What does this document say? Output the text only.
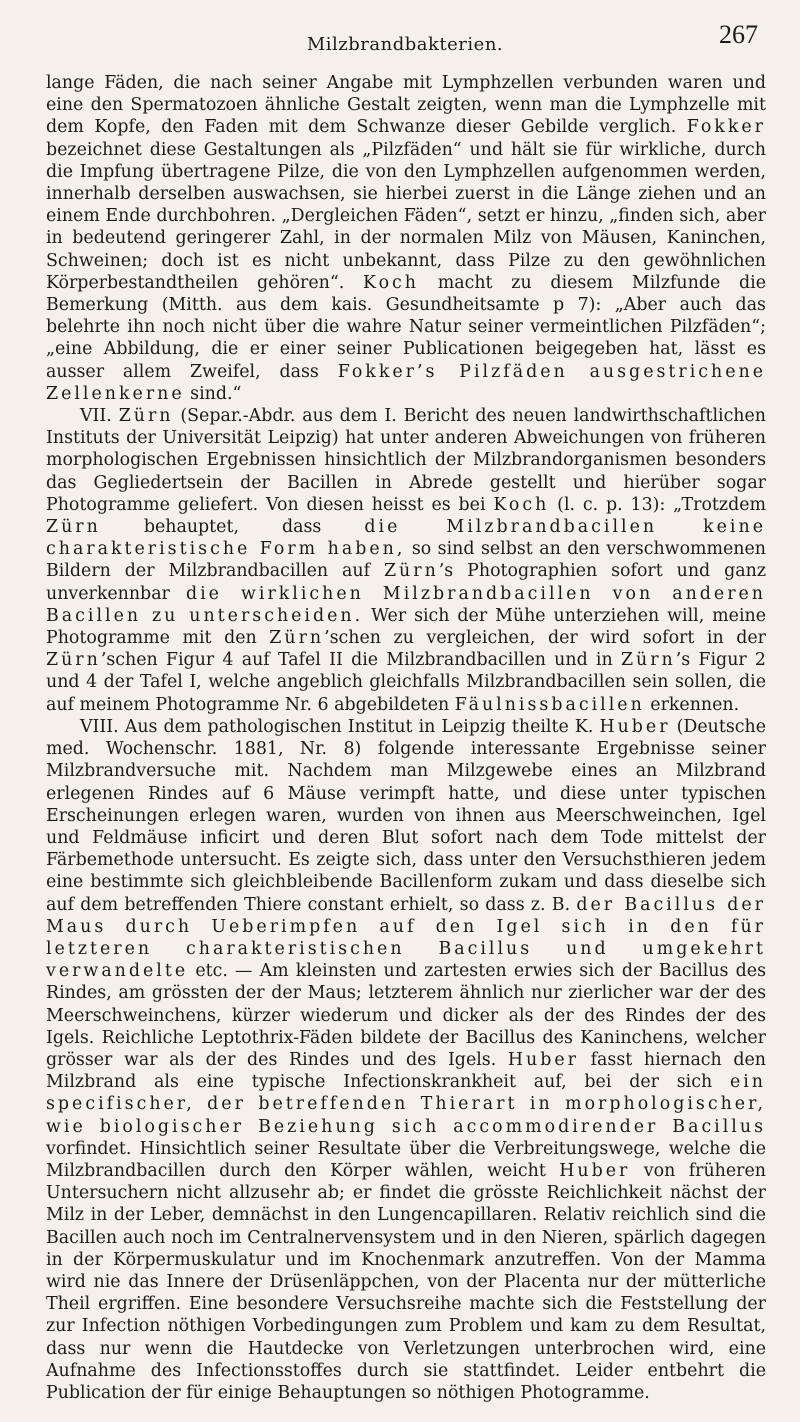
Milzbrandbakterien.	267

lange Fäden, die nach seiner Angabe mit Lymphzellen verbunden waren und eine den Spermatozoen ähnliche Gestalt zeigten, wenn man die Lymphzelle mit dem Kopfe, den Faden mit dem Schwanze dieser Gebilde verglich. Fokker bezeichnet diese Gestaltungen als „Pilzfäden“ und hält sie für wirkliche, durch die Impfung übertragene Pilze, die von den Lymphzellen aufgenommen werden, innerhalb derselben auswachsen, sie hierbei zuerst in die Länge ziehen und an einem Ende durchbohren. „Dergleichen Fäden“, setzt er hinzu, „finden sich, aber in bedeutend geringerer Zahl, in der normalen Milz von Mäusen, Kaninchen, Schweinen; doch ist es nicht unbekannt, dass Pilze zu den gewöhnlichen Körperbestandtheilen gehören“. Koch macht zu diesem Milzfunde die Bemerkung (Mitth. aus dem kais. Gesundheitsamte p 7): „Aber auch das belehrte ihn noch nicht über die wahre Natur seiner vermeintlichen Pilzfäden“; „eine Abbildung, die er einer seiner Publicationen beigegeben hat, lässt es ausser allem Zweifel, dass Fokker’s Pilzfäden ausgestrichene Zellenkerne sind.“

VII. Zürn (Separ.-Abdr. aus dem I. Bericht des neuen landwirthschaftlichen Instituts der Universität Leipzig) hat unter anderen Abweichungen von früheren morphologischen Ergebnissen hinsichtlich der Milzbrandorganismen besonders das Gegliedertsein der Bacillen in Abrede gestellt und hierüber sogar Photogramme geliefert. Von diesen heisst es bei Koch (l. c. p. 13): „Trotzdem Zürn behauptet, dass die Milzbrandbacillen keine charakteristische Form haben, so sind selbst an den verschwommenen Bildern der Milzbrandbacillen auf Zürn’s Photographien sofort und ganz unverkennbar die wirklichen Milzbrandbacillen von anderen Bacillen zu unterscheiden. Wer sich der Mühe unterziehen will, meine Photogramme mit den Zürn’schen zu vergleichen, der wird sofort in der Zürn’schen Figur 4 auf Tafel II die Milzbrandbacillen und in Zürn’s Figur 2 und 4 der Tafel I, welche angeblich gleichfalls Milzbrandbacillen sein sollen, die auf meinem Photogramme Nr. 6 abgebildeten Fäulnissbacillen erkennen.

VIII. Aus dem pathologischen Institut in Leipzig theilte K. Huber (Deutsche med. Wochenschr. 1881, Nr. 8) folgende interessante Ergebnisse seiner Milzbrandversuche mit. Nachdem man Milzgewebe eines an Milzbrand erlegenen Rindes auf 6 Mäuse verimpft hatte, und diese unter typischen Erscheinungen erlegen waren, wurden von ihnen aus Meerschweinchen, Igel und Feldmäuse inficirt und deren Blut sofort nach dem Tode mittelst der Färbemethode untersucht. Es zeigte sich, dass unter den Versuchsthieren jedem eine bestimmte sich gleichbleibende Bacillenform zukam und dass dieselbe sich auf dem betreffenden Thiere constant erhielt, so dass z. B. der Bacillus der Maus durch Ueberimpfen auf den Igel sich in den für letzteren charakteristischen Bacillus und umgekehrt verwandelte etc. — Am kleinsten und zartesten erwies sich der Bacillus des Rindes, am grössten der der Maus; letzterem ähnlich nur zierlicher war der des Meerschweinchens, kürzer wiederum und dicker als der des Rindes der des Igels. Reichliche Leptothrix-Fäden bildete der Bacillus des Kaninchens, welcher grösser war als der des Rindes und des Igels. Huber fasst hiernach den Milzbrand als eine typische Infectionskrankheit auf, bei der sich ein specifischer, der betreffenden Thierart in morphologischer, wie biologischer Beziehung sich accommodirender Bacillus vorfindet. Hinsichtlich seiner Resultate über die Verbreitungswege, welche die Milzbrandbacillen durch den Körper wählen, weicht Huber von früheren Untersuchern nicht allzusehr ab; er findet die grösste Reichlichkeit nächst der Milz in der Leber, demnächst in den Lungencapillaren. Relativ reichlich sind die Bacillen auch noch im Centralnervensystem und in den Nieren, spärlich dagegen in der Körpermuskulatur und im Knochenmark anzutreffen. Von der Mamma wird nie das Innere der Drüsenläppchen, von der Placenta nur der mütterliche Theil ergriffen. Eine besondere Versuchsreihe machte sich die Feststellung der zur Infection nöthigen Vorbedingungen zum Problem und kam zu dem Resultat, dass nur wenn die Hautdecke von Verletzungen unterbrochen wird, eine Aufnahme des Infectionsstoffes durch sie stattfindet. Leider entbehrt die Publication der für einige Behauptungen so nöthigen Photogramme.
